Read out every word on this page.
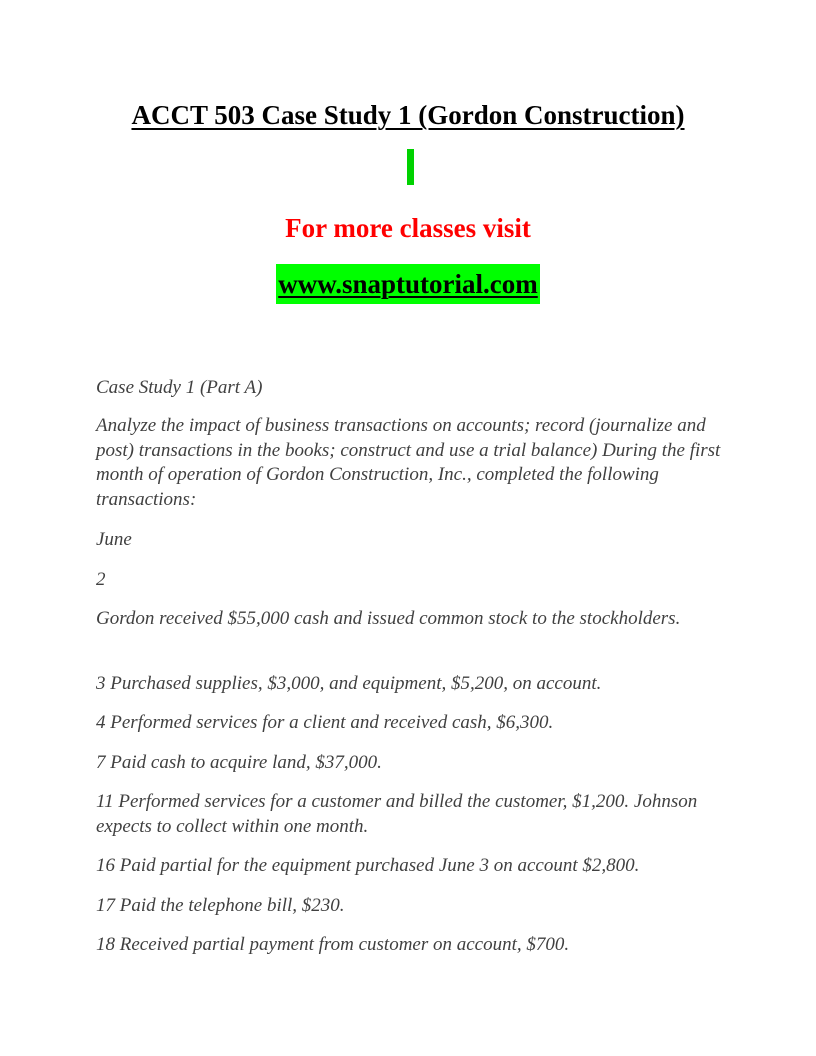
ACCT 503 Case Study 1 (Gordon Construction)
For more classes visit
www.snaptutorial.com
Case Study 1 (Part A)
Analyze the impact of business transactions on accounts; record (journalize and post) transactions in the books; construct and use a trial balance) During the first month of operation of Gordon Construction, Inc., completed the following transactions:
June
2
Gordon received $55,000 cash and issued common stock to the stockholders.
3 Purchased supplies, $3,000, and equipment, $5,200, on account.
4 Performed services for a client and received cash, $6,300.
7 Paid cash to acquire land, $37,000.
11 Performed services for a customer and billed the customer, $1,200. Johnson expects to collect within one month.
16 Paid partial for the equipment purchased June 3 on account $2,800.
17 Paid the telephone bill, $230.
18 Received partial payment from customer on account, $700.
